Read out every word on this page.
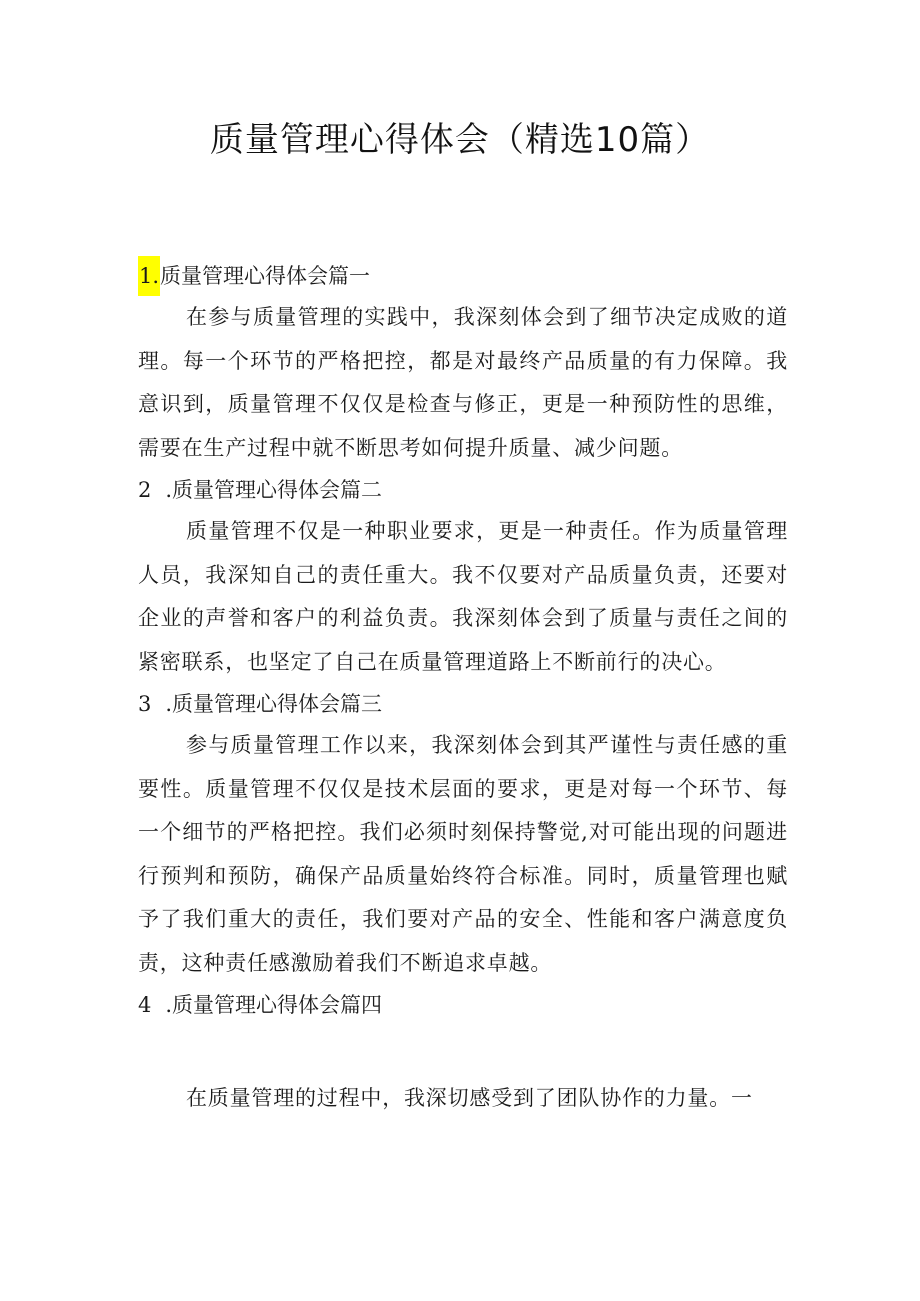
质量管理心得体会（精选10篇）
1.质量管理心得体会篇一

在参与质量管理的实践中，我深刻体会到了细节决定成败的道理。每一个环节的严格把控，都是对最终产品质量的有力保障。我意识到，质量管理不仅仅是检查与修正，更是一种预防性的思维，需要在生产过程中就不断思考如何提升质量、减少问题。

2 .质量管理心得体会篇二

质量管理不仅是一种职业要求，更是一种责任。作为质量管理人员，我深知自己的责任重大。我不仅要对产品质量负责，还要对企业的声誉和客户的利益负责。我深刻体会到了质量与责任之间的紧密联系，也坚定了自己在质量管理道路上不断前行的决心。

3 .质量管理心得体会篇三

参与质量管理工作以来，我深刻体会到其严谨性与责任感的重要性。质量管理不仅仅是技术层面的要求，更是对每一个环节、每一个细节的严格把控。我们必须时刻保持警觉,对可能出现的问题进行预判和预防，确保产品质量始终符合标准。同时，质量管理也赋予了我们重大的责任，我们要对产品的安全、性能和客户满意度负责，这种责任感激励着我们不断追求卓越。

4 .质量管理心得体会篇四

在质量管理的过程中，我深切感受到了团队协作的力量。一
